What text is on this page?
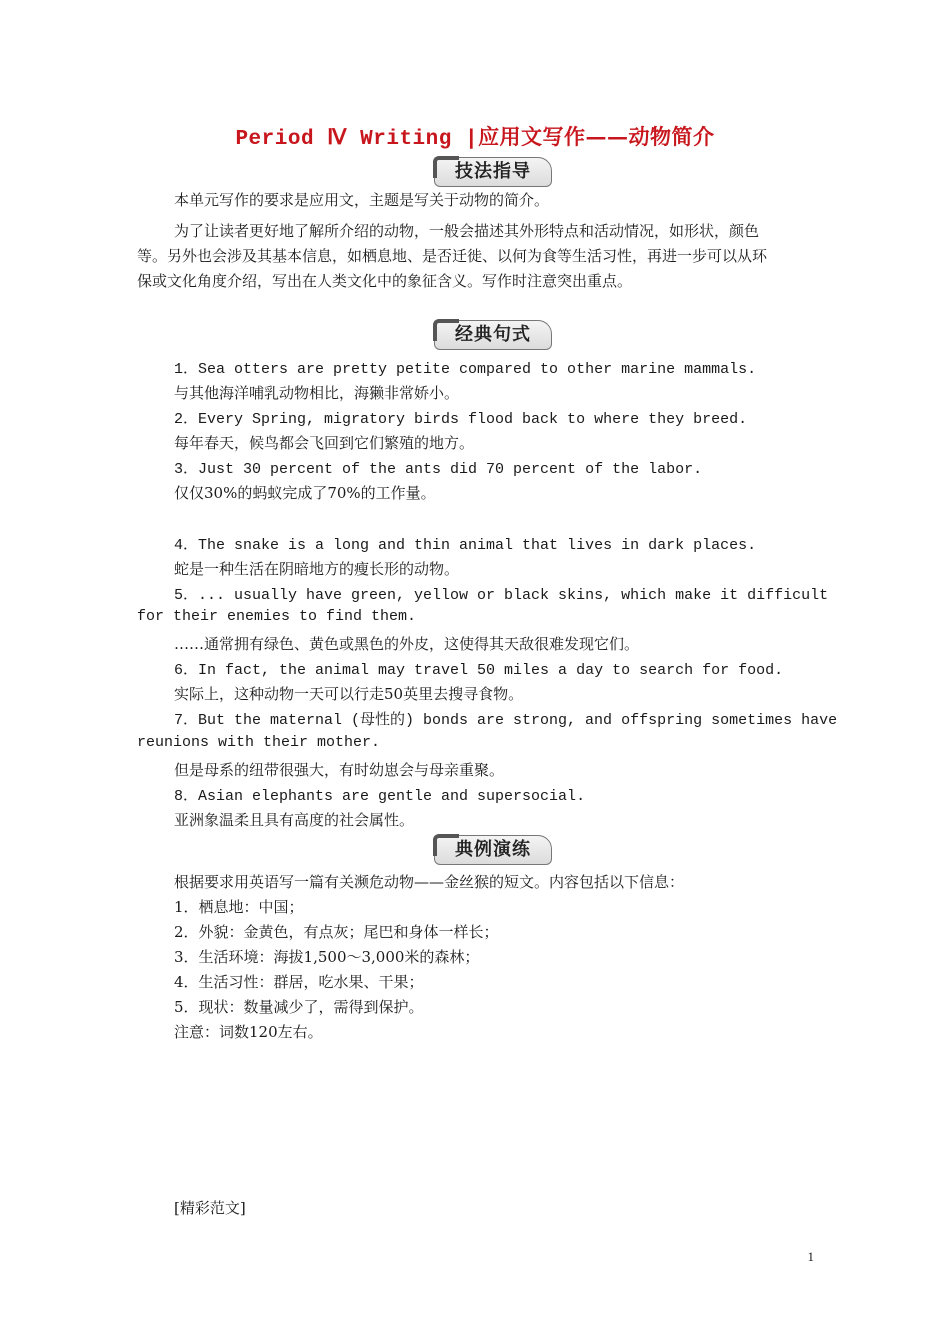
Period Ⅳ Writing |应用文写作——动物简介
技法指导
本单元写作的要求是应用文，主题是写关于动物的简介。
为了让读者更好地了解所介绍的动物，一般会描述其外形特点和活动情况，如形状，颜色
等。另外也会涉及其基本信息，如栖息地、是否迁徙、以何为食等生活习性，再进一步可以从环
保或文化角度介绍，写出在人类文化中的象征含义。写作时注意突出重点。
经典句式
1．Sea otters are pretty petite compared to other marine mammals.
与其他海洋哺乳动物相比，海獭非常娇小。
2．Every Spring, migratory birds flood back to where they breed.
每年春天，候鸟都会飞回到它们繁殖的地方。
3．Just 30 percent of the ants did 70 percent of the labor.
仅仅30%的蚂蚁完成了70%的工作量。
4．The snake is a long and thin animal that lives in dark places.
蛇是一种生活在阴暗地方的瘦长形的动物。
5．... usually have green, yellow or black skins, which make it difficult
for their enemies to find them.
……通常拥有绿色、黄色或黑色的外皮，这使得其天敌很难发现它们。
6．In fact, the animal may travel 50 miles a day to search for food.
实际上，这种动物一天可以行走50英里去搜寻食物。
7．But the maternal (母性的) bonds are strong, and offspring sometimes have
reunions with their mother.
但是母系的纽带很强大，有时幼崽会与母亲重聚。
8．Asian elephants are gentle and supersocial.
亚洲象温柔且具有高度的社会属性。
典例演练
根据要求用英语写一篇有关濒危动物——金丝猴的短文。内容包括以下信息：
1．栖息地：中国；
2．外貌：金黄色，有点灰；尾巴和身体一样长；
3．生活环境：海拔1,500～3,000米的森林；
4．生活习性：群居，吃水果、干果；
5．现状：数量减少了，需得到保护。
注意：词数120左右。
[精彩范文]
1
